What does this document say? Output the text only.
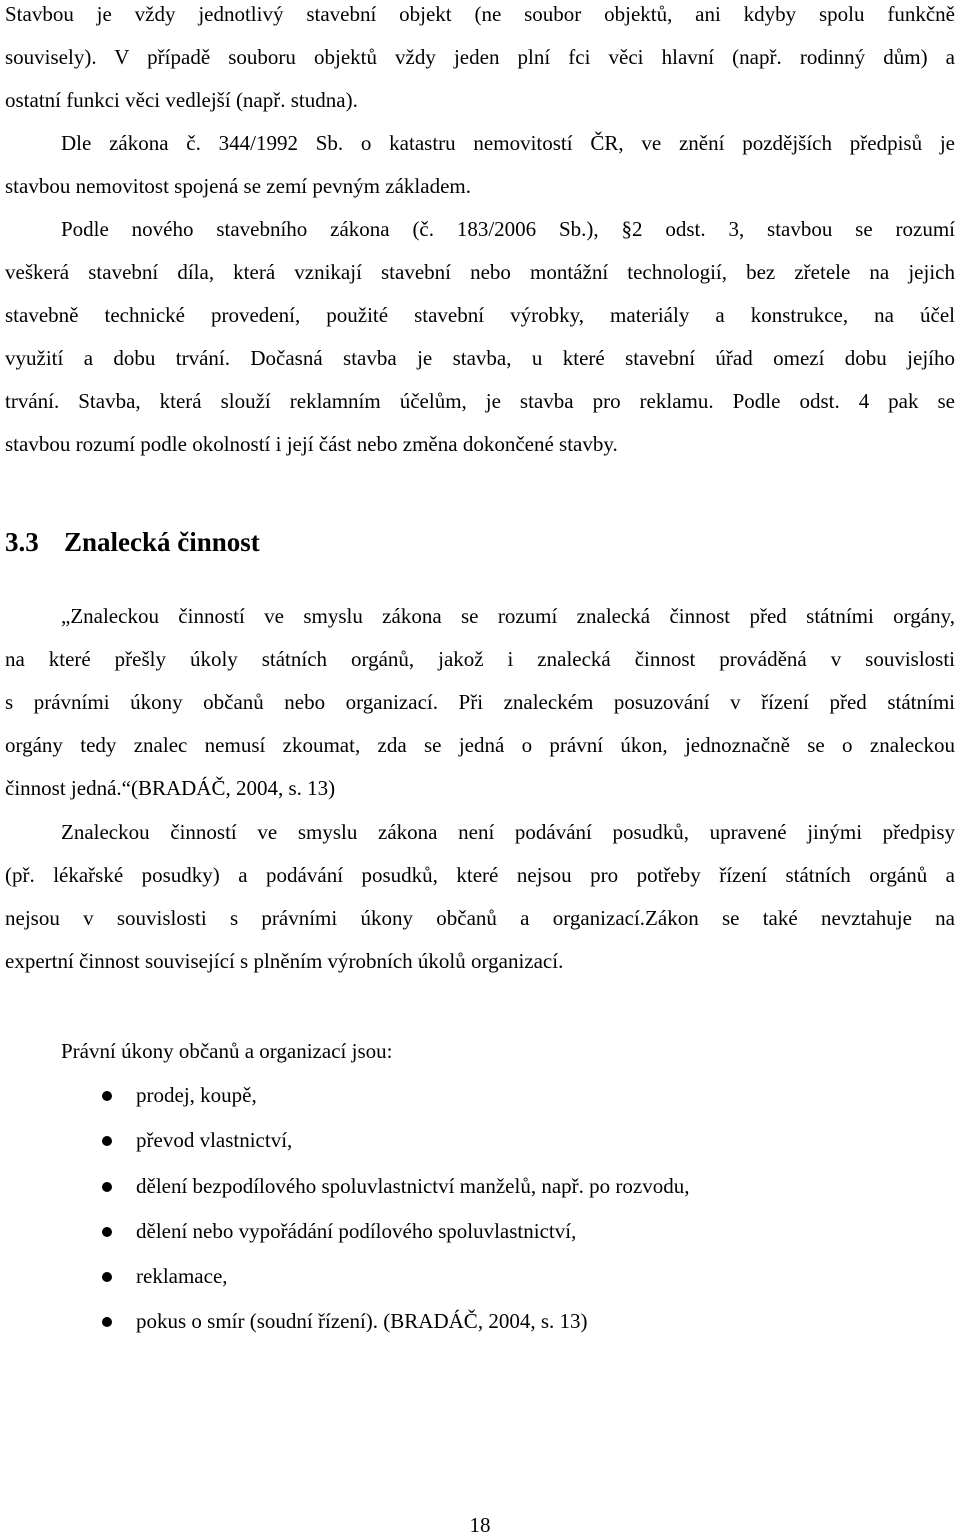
Stavbou je vždy jednotlivý stavební objekt (ne soubor objektů, ani kdyby spolu funkčně
souvisely). V případě souboru objektů vždy jeden plní fci věci hlavní (např. rodinný dům) a
ostatní funkci věci vedlejší (např. studna).
Dle zákona č. 344/1992 Sb. o katastru nemovitostí ČR, ve znění pozdějších předpisů je
stavbou nemovitost spojená se zemí pevným základem.
Podle nového stavebního zákona (č. 183/2006 Sb.), §2 odst. 3, stavbou se rozumí
veškerá stavební díla, která vznikají stavební nebo montážní technologií, bez zřetele na jejich
stavebně technické provedení, použité stavební výrobky, materiály a konstrukce, na účel
využití a dobu trvání. Dočasná stavba je stavba, u které stavební úřad omezí dobu jejího
trvání. Stavba, která slouží reklamním účelům, je stavba pro reklamu. Podle odst. 4 pak se
stavbou rozumí podle okolností i její část nebo změna dokončené stavby.
3.3 Znalecká činnost
„Znaleckou činností ve smyslu zákona se rozumí znalecká činnost před státními orgány,
na které přešly úkoly státních orgánů, jakož i znalecká činnost prováděná v souvislosti
s právními úkony občanů nebo organizací. Při znaleckém posuzování v řízení před státními
orgány tedy znalec nemusí zkoumat, zda se jedná o právní úkon, jednoznačně se o znaleckou
činnost jedná.“(BRADÁČ, 2004, s. 13)
Znaleckou činností ve smyslu zákona není podávání posudků, upravené jinými předpisy
(př. lékařské posudky) a podávání posudků, které nejsou pro potřeby řízení státních orgánů a
nejsou v souvislosti s právními úkony občanů a organizací.Zákon se také nevztahuje na
expertní činnost související s plněním výrobních úkolů organizací.
Právní úkony občanů a organizací jsou:
prodej, koupě,
převod vlastnictví,
dělení bezpodílového spoluvlastnictví manželů, např. po rozvodu,
dělení nebo vypořádání podílového spoluvlastnictví,
reklamace,
pokus o smír (soudní řízení). (BRADÁČ, 2004, s. 13)
18
